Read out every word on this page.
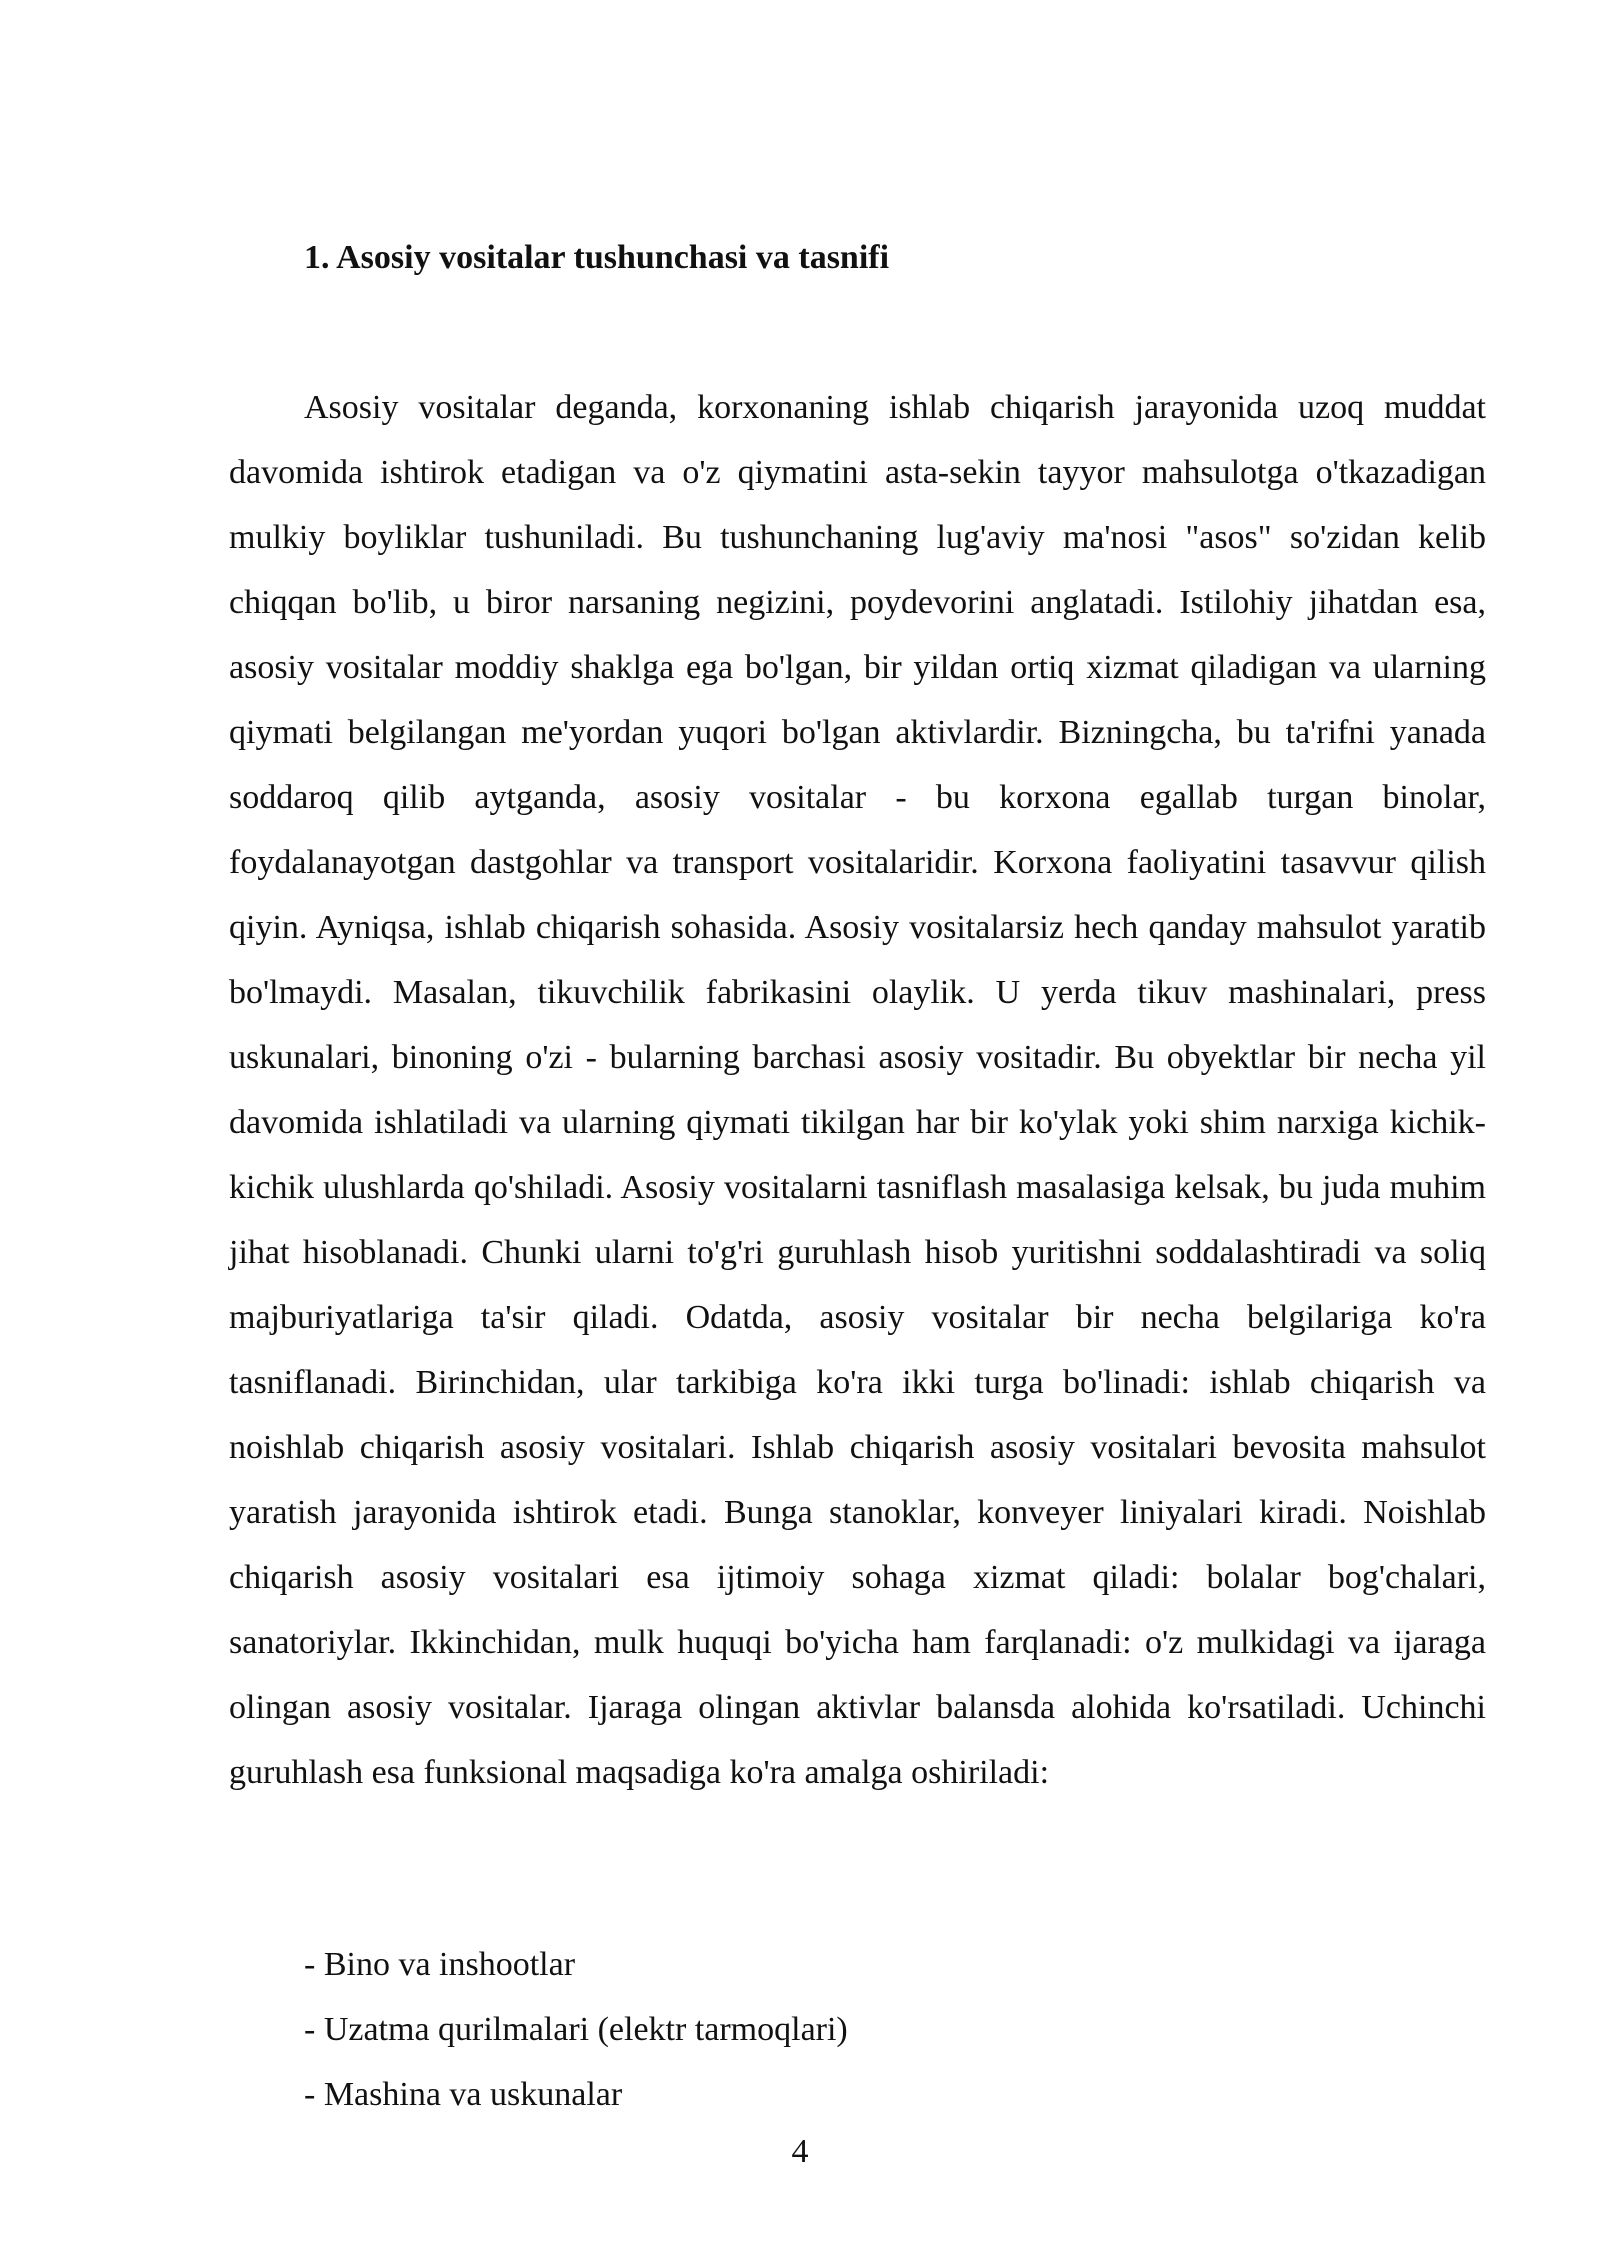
1. Asosiy vositalar tushunchasi va tasnifi

Asosiy vositalar deganda, korxonaning ishlab chiqarish jarayonida uzoq muddat davomida ishtirok etadigan va o'z qiymatini asta-sekin tayyor mahsulotga o'tkazadigan mulkiy boyliklar tushuniladi. Bu tushunchaning lug'aviy ma'nosi "asos" so'zidan kelib chiqqan bo'lib, u biror narsaning negizini, poydevorini anglatadi. Istilohiy jihatdan esa, asosiy vositalar moddiy shaklga ega bo'lgan, bir yildan ortiq xizmat qiladigan va ularning qiymati belgilangan me'yordan yuqori bo'lgan aktivlardir. Bizningcha, bu ta'rifni yanada soddaroq qilib aytganda, asosiy vositalar - bu korxona egallab turgan binolar, foydalanayotgan dastgohlar va transport vositalaridir. Korxona faoliyatini tasavvur qilish qiyin. Ayniqsa, ishlab chiqarish sohasida. Asosiy vositalarsiz hech qanday mahsulot yaratib bo'lmaydi. Masalan, tikuvchilik fabrikasini olaylik. U yerda tikuv mashinalari, press uskunalari, binoning o'zi - bularning barchasi asosiy vositadir. Bu obyektlar bir necha yil davomida ishlatiladi va ularning qiymati tikilgan har bir ko'ylak yoki shim narxiga kichik-kichik ulushlarda qo'shiladi. Asosiy vositalarni tasniflash masalasiga kelsak, bu juda muhim jihat hisoblanadi. Chunki ularni to'g'ri guruhlash hisob yuritishni soddalashtiradi va soliq majburiyatlariga ta'sir qiladi. Odatda, asosiy vositalar bir necha belgilariga ko'ra tasniflanadi. Birinchidan, ular tarkibiga ko'ra ikki turga bo'linadi: ishlab chiqarish va noishlab chiqarish asosiy vositalari. Ishlab chiqarish asosiy vositalari bevosita mahsulot yaratish jarayonida ishtirok etadi. Bunga stanoklar, konveyer liniyalari kiradi. Noishlab chiqarish asosiy vositalari esa ijtimoiy sohaga xizmat qiladi: bolalar bog'chalari, sanatoriylar. Ikkinchidan, mulk huquqi bo'yicha ham farqlanadi: o'z mulkidagi va ijaraga olingan asosiy vositalar. Ijaraga olingan aktivlar balansda alohida ko'rsatiladi. Uchinchi guruhlash esa funksional maqsadiga ko'ra amalga oshiriladi:

- Bino va inshootlar
- Uzatma qurilmalari (elektr tarmoqlari)
- Mashina va uskunalar
4
